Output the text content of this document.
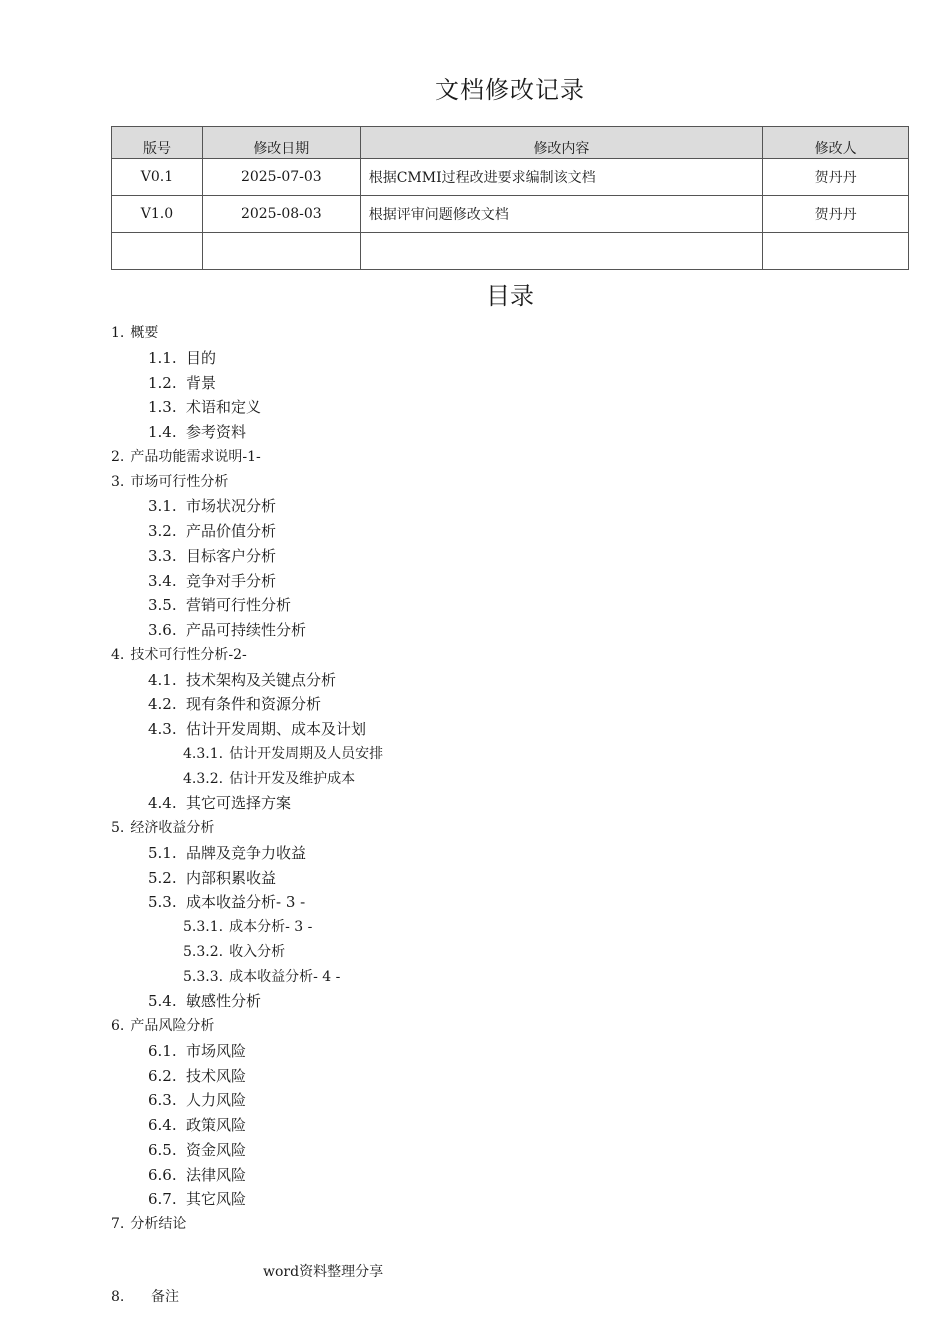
文档修改记录
版号	修改日期	修改内容	修改人
V0.1	2025-07-03	根据CMMI过程改进要求编制该文档	贺丹丹
V1.0	2025-08-03	根据评审问题修改文档	贺丹丹

目录
1. 概要
1.1. 目的
1.2. 背景
1.3. 术语和定义
1.4. 参考资料
2. 产品功能需求说明-1-
3. 市场可行性分析
3.1. 市场状况分析
3.2. 产品价值分析
3.3. 目标客户分析
3.4. 竞争对手分析
3.5. 营销可行性分析
3.6. 产品可持续性分析
4. 技术可行性分析-2-
4.1. 技术架构及关键点分析
4.2. 现有条件和资源分析
4.3. 估计开发周期、成本及计划
4.3.1. 估计开发周期及人员安排
4.3.2. 估计开发及维护成本
4.4. 其它可选择方案
5. 经济收益分析
5.1. 品牌及竞争力收益
5.2. 内部积累收益
5.3. 成本收益分析- 3 -
5.3.1. 成本分析- 3 -
5.3.2. 收入分析
5.3.3. 成本收益分析- 4 -
5.4. 敏感性分析
6. 产品风险分析
6.1. 市场风险
6.2. 技术风险
6.3. 人力风险
6.4. 政策风险
6.5. 资金风险
6.6. 法律风险
6.7. 其它风险
7. 分析结论
word资料整理分享
8. 备注
